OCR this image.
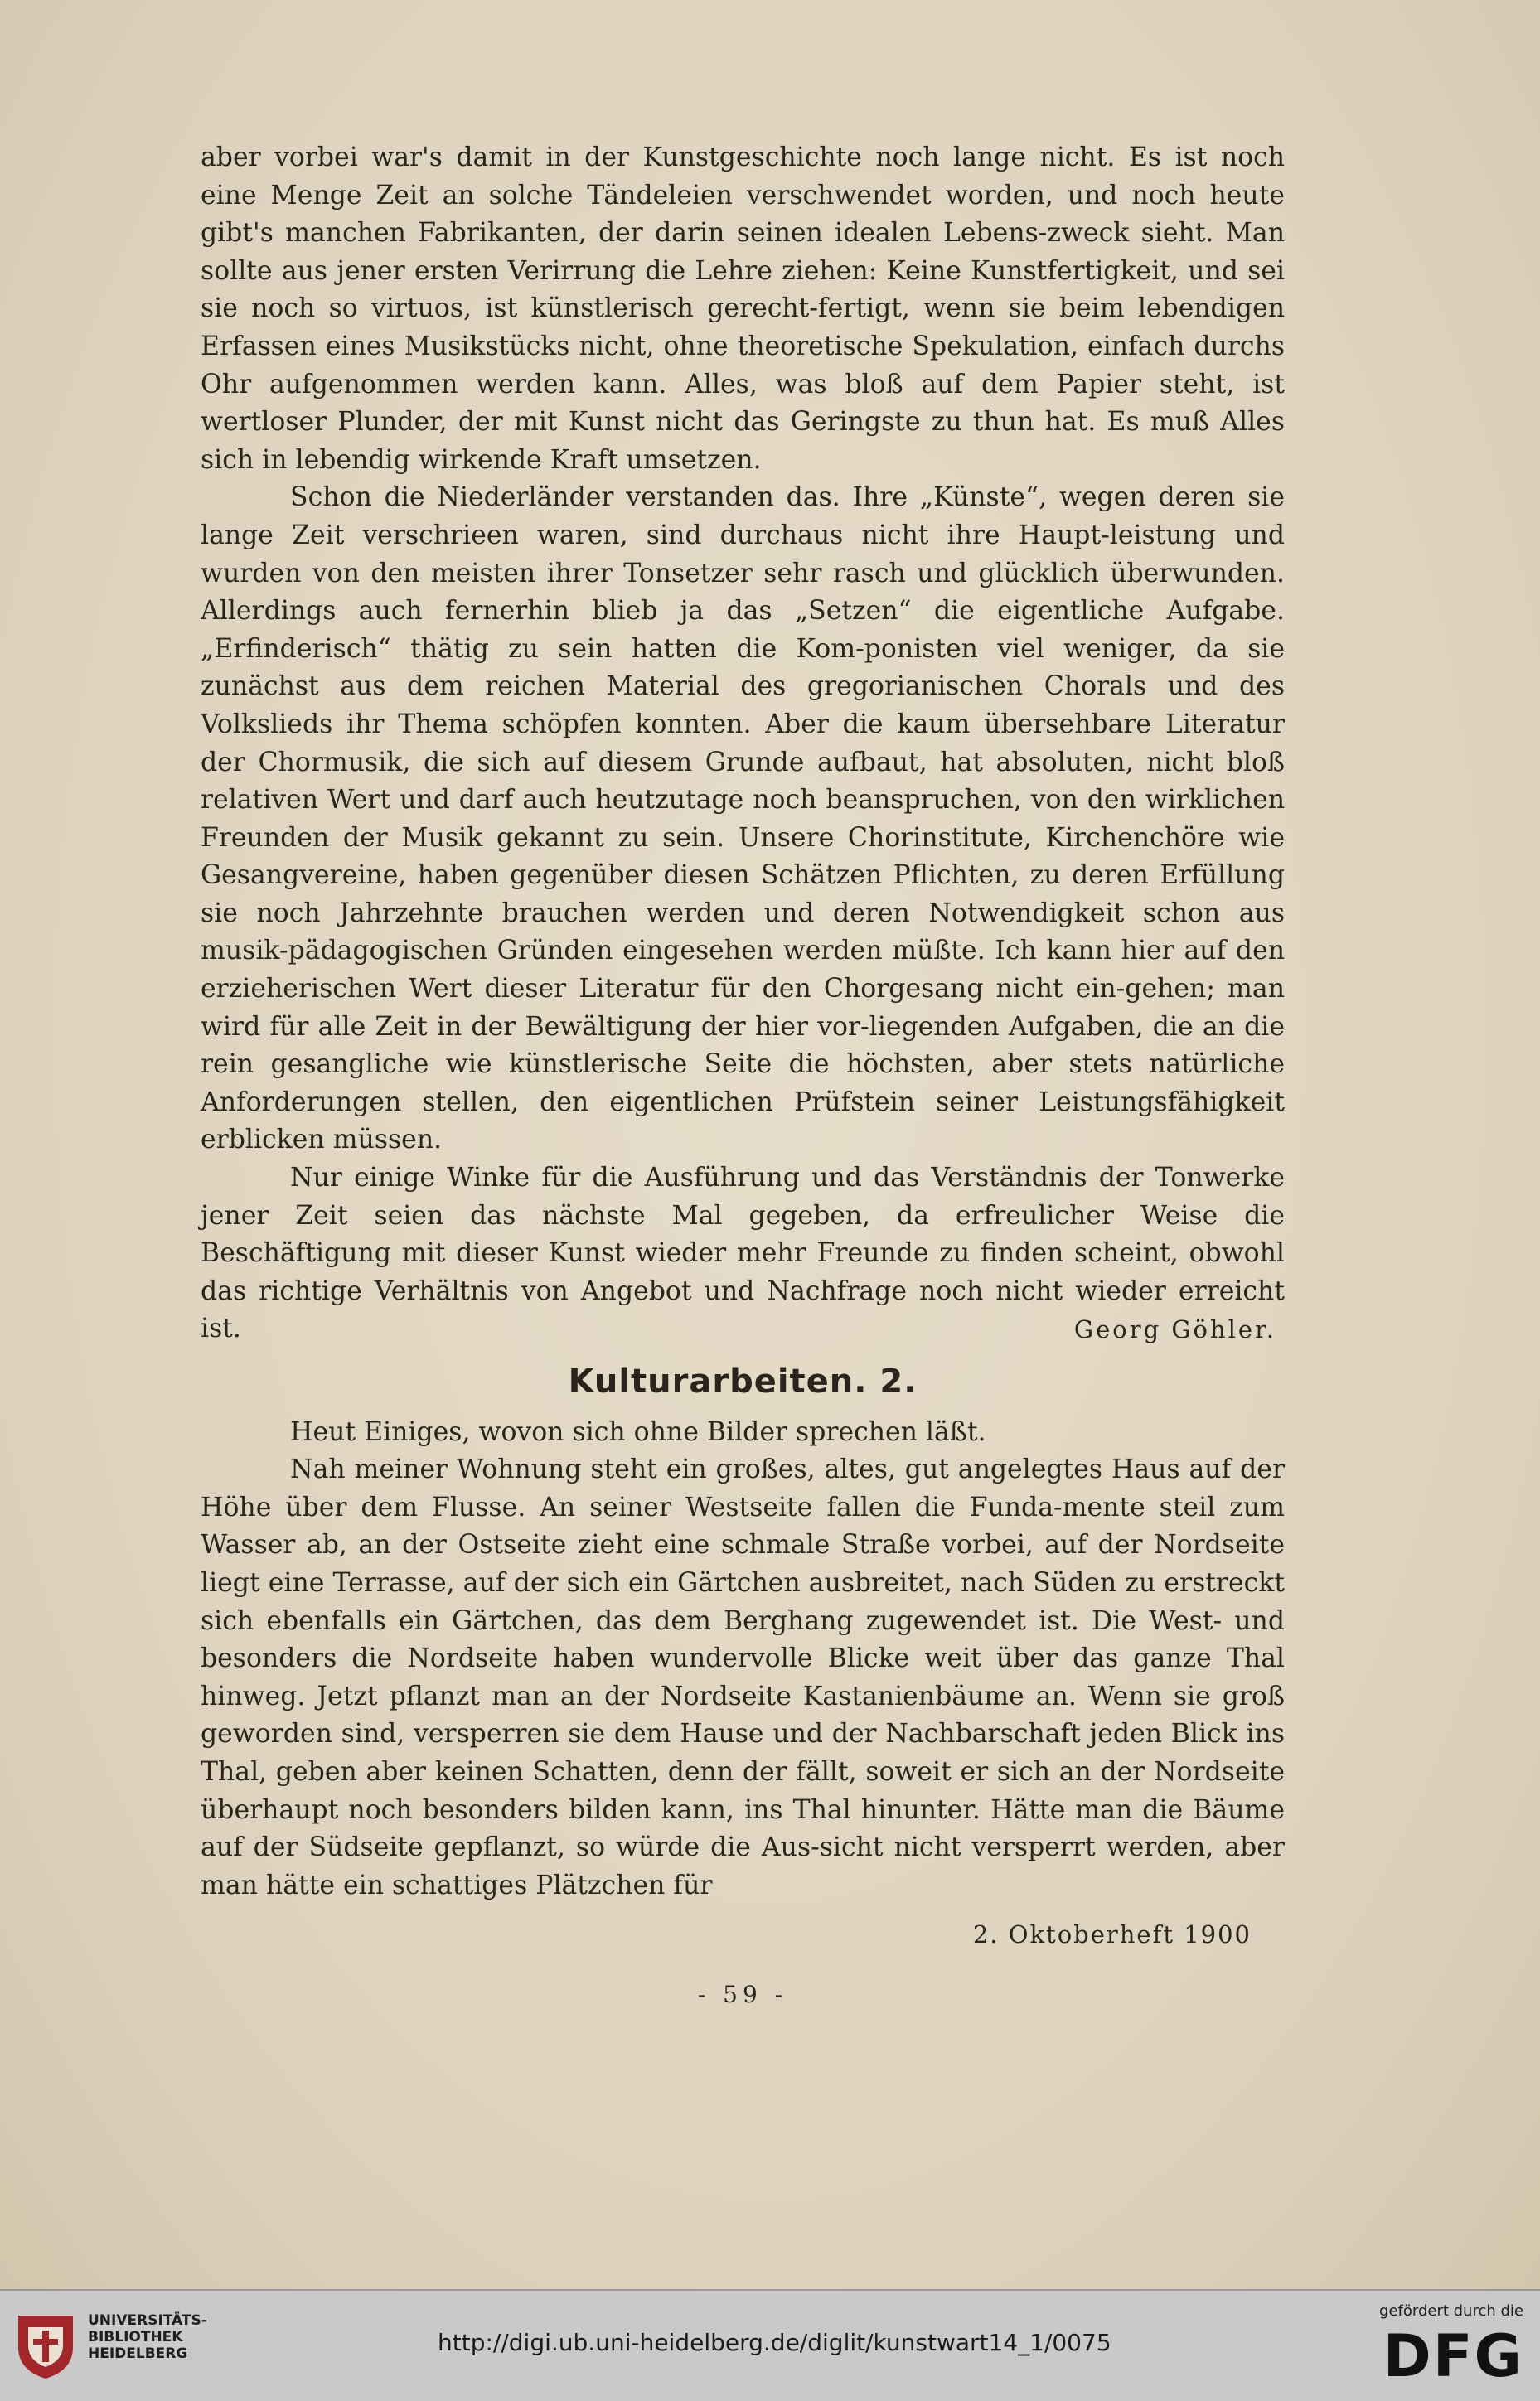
aber vorbei war's damit in der Kunstgeschichte noch lange nicht. Es ist noch eine Menge Zeit an solche Tändeleien verschwendet worden, und noch heute gibt's manchen Fabrikanten, der darin seinen idealen Lebens-zweck sieht. Man sollte aus jener ersten Verirrung die Lehre ziehen: Keine Kunstfertigkeit, und sei sie noch so virtuos, ist künstlerisch gerecht-fertigt, wenn sie beim lebendigen Erfassen eines Musikstücks nicht, ohne theoretische Spekulation, einfach durchs Ohr aufgenommen werden kann. Alles, was bloß auf dem Papier steht, ist wertloser Plunder, der mit Kunst nicht das Geringste zu thun hat. Es muß Alles sich in lebendig wirkende Kraft umsetzen.

Schon die Niederländer verstanden das. Ihre „Künste“, wegen deren sie lange Zeit verschrieen waren, sind durchaus nicht ihre Haupt-leistung und wurden von den meisten ihrer Tonsetzer sehr rasch und glücklich überwunden. Allerdings auch fernerhin blieb ja das „Setzen“ die eigentliche Aufgabe. „Erfinderisch“ thätig zu sein hatten die Kom-ponisten viel weniger, da sie zunächst aus dem reichen Material des gregorianischen Chorals und des Volkslieds ihr Thema schöpfen konnten. Aber die kaum übersehbare Literatur der Chormusik, die sich auf diesem Grunde aufbaut, hat absoluten, nicht bloß relativen Wert und darf auch heutzutage noch beanspruchen, von den wirklichen Freunden der Musik gekannt zu sein. Unsere Chorinstitute, Kirchenchöre wie Gesangvereine, haben gegenüber diesen Schätzen Pflichten, zu deren Erfüllung sie noch Jahrzehnte brauchen werden und deren Notwendigkeit schon aus musik-pädagogischen Gründen eingesehen werden müßte. Ich kann hier auf den erzieherischen Wert dieser Literatur für den Chorgesang nicht ein-gehen; man wird für alle Zeit in der Bewältigung der hier vor-liegenden Aufgaben, die an die rein gesangliche wie künstlerische Seite die höchsten, aber stets natürliche Anforderungen stellen, den eigentlichen Prüfstein seiner Leistungsfähigkeit erblicken müssen.

Nur einige Winke für die Ausführung und das Verständnis der Tonwerke jener Zeit seien das nächste Mal gegeben, da erfreulicher Weise die Beschäftigung mit dieser Kunst wieder mehr Freunde zu finden scheint, obwohl das richtige Verhältnis von Angebot und Nachfrage noch nicht wieder erreicht ist.	Georg Göhler.
Kulturarbeiten. 2.

Heut Einiges, wovon sich ohne Bilder sprechen läßt.

Nah meiner Wohnung steht ein großes, altes, gut angelegtes Haus auf der Höhe über dem Flusse. An seiner Westseite fallen die Funda-mente steil zum Wasser ab, an der Ostseite zieht eine schmale Straße vorbei, auf der Nordseite liegt eine Terrasse, auf der sich ein Gärtchen ausbreitet, nach Süden zu erstreckt sich ebenfalls ein Gärtchen, das dem Berghang zugewendet ist. Die West- und besonders die Nordseite haben wundervolle Blicke weit über das ganze Thal hinweg. Jetzt pflanzt man an der Nordseite Kastanienbäume an. Wenn sie groß geworden sind, versperren sie dem Hause und der Nachbarschaft jeden Blick ins Thal, geben aber keinen Schatten, denn der fällt, soweit er sich an der Nordseite überhaupt noch besonders bilden kann, ins Thal hinunter. Hätte man die Bäume auf der Südseite gepflanzt, so würde die Aus-sicht nicht versperrt werden, aber man hätte ein schattiges Plätzchen für

2. Oktoberheft 1900
- 59 -
UNIVERSITÄTS-
BIBLIOTHEK
HEIDELBERG	http://digi.ub.uni-heidelberg.de/diglit/kunstwart14_1/0075
gefördert durch die
DFG
